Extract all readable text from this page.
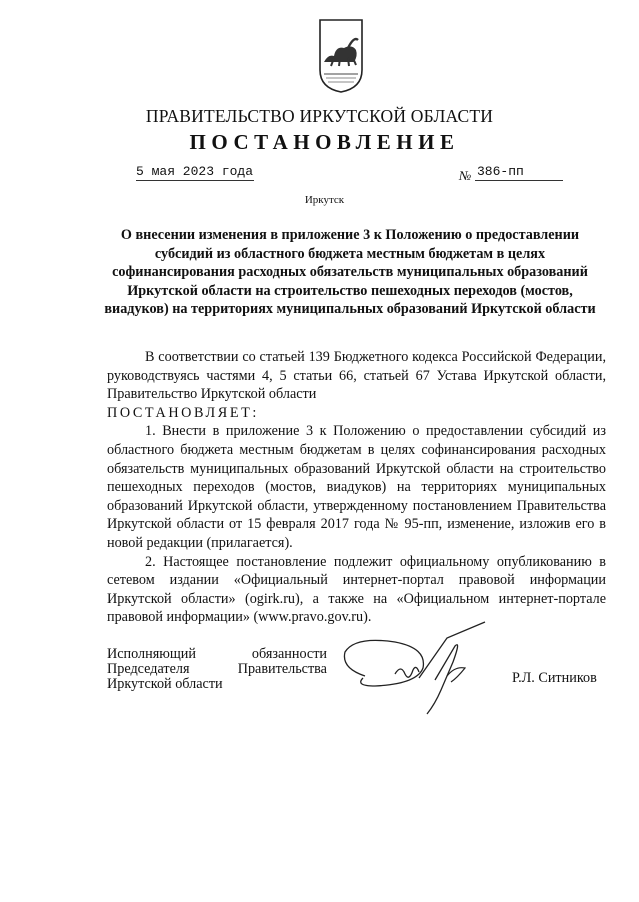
ПРАВИТЕЛЬСТВО ИРКУТСКОЙ ОБЛАСТИ
ПОСТАНОВЛЕНИЕ
5 мая 2023 года	№ 386-пп
Иркутск
О внесении изменения в приложение 3 к Положению о предоставлении субсидий из областного бюджета местным бюджетам в целях софинансирования расходных обязательств муниципальных образований Иркутской области на строительство пешеходных переходов (мостов, виадуков) на территориях муниципальных образований Иркутской области

В соответствии со статьей 139 Бюджетного кодекса Российской Федерации, руководствуясь частями 4, 5 статьи 66, статьей 67 Устава Иркутской области, Правительство Иркутской области

ПОСТАНОВЛЯЕТ:

1. Внести в приложение 3 к Положению о предоставлении субсидий из областного бюджета местным бюджетам в целях софинансирования расходных обязательств муниципальных образований Иркутской области на строительство пешеходных переходов (мостов, виадуков) на территориях муниципальных образований Иркутской области, утвержденному постановлением Правительства Иркутской области от 15 февраля 2017 года № 95-пп, изменение, изложив его в новой редакции (прилагается).

2. Настоящее постановление подлежит официальному опубликованию в сетевом издании «Официальный интернет-портал правовой информации Иркутской области» (ogirk.ru), а также на «Официальном интернет-портале правовой информации» (www.pravo.gov.ru).

Исполняющий	обязанности
Председателя	Правительства
Иркутской области	Р.Л. Ситников
